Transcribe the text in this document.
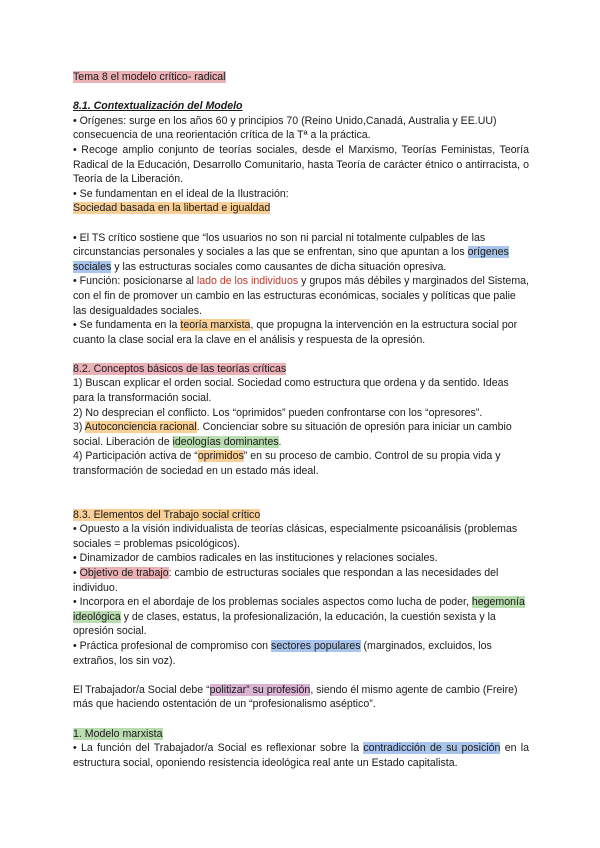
Tema 8 el modelo crítico- radical

8.1. Contextualización del Modelo

• Orígenes: surge en los años 60 y principios 70 (Reino Unido,Canadá, Australia y EE.UU) consecuencia de una reorientación crítica de la Tª a la práctica.

• Recoge amplio conjunto de teorías sociales, desde el Marxismo, Teorías Feministas, Teoría Radical de la Educación, Desarrollo Comunitario, hasta Teoría de carácter étnico o antirracista, o Teoría de la Liberación.

• Se fundamentan en el ideal de la Ilustración:

Sociedad basada en la libertad e igualdad

• El TS crítico sostiene que “los usuarios no son ni parcial ni totalmente culpables de las circunstancias personales y sociales a las que se enfrentan, sino que apuntan a los orígenes sociales y las estructuras sociales como causantes de dicha situación opresiva.

• Función: posicionarse al lado de los individuos y grupos más débiles y marginados del Sistema, con el fin de promover un cambio en las estructuras económicas, sociales y políticas que palie las desigualdades sociales.

• Se fundamenta en la teoría marxista, que propugna la intervención en la estructura social por cuanto la clase social era la clave en el análisis y respuesta de la opresión.

8.2. Conceptos básicos de las teorías críticas

1) Buscan explicar el orden social. Sociedad como estructura que ordena y da sentido. Ideas para la transformación social.

2) No desprecian el conflicto. Los “oprimidos” pueden confrontarse con los “opresores”.

3) Autoconciencia racional. Concienciar sobre su situación de opresión para iniciar un cambio social. Liberación de ideologías dominantes.

4) Participación activa de “oprimidos” en su proceso de cambio. Control de su propia vida y transformación de sociedad en un estado más ideal.

8.3. Elementos del Trabajo social crítico

• Opuesto a la visión individualista de teorías clásicas, especialmente psicoanálisis (problemas sociales = problemas psicológicos).

• Dinamizador de cambios radicales en las instituciones y relaciones sociales.

• Objetivo de trabajo: cambio de estructuras sociales que respondan a las necesidades del individuo.

• Incorpora en el abordaje de los problemas sociales aspectos como lucha de poder, hegemonía ideológica y de clases, estatus, la profesionalización, la educación, la cuestión sexista y la opresión social.

• Práctica profesional de compromiso con sectores populares (marginados, excluidos, los extraños, los sin voz).

El Trabajador/a Social debe “politizar” su profesión, siendo él mismo agente de cambio (Freire) más que haciendo ostentación de un “profesionalismo aséptico”.

1. Modelo marxista

• La función del Trabajador/a Social es reflexionar sobre la contradicción de su posición en la estructura social, oponiendo resistencia ideológica real ante un Estado capitalista.
